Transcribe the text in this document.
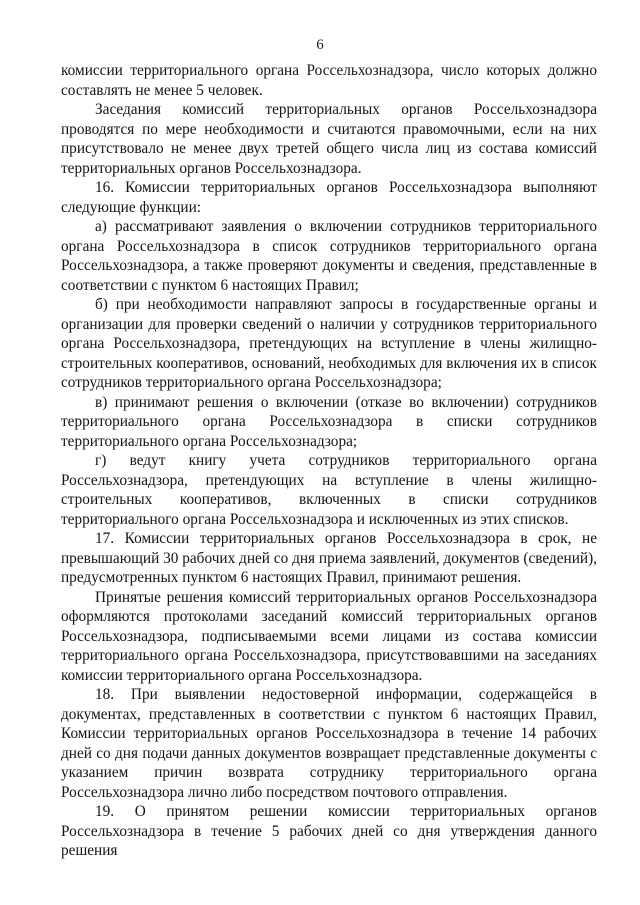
6

комиссии территориального органа Россельхознадзора, число которых должно составлять не менее 5 человек.

Заседания комиссий территориальных органов Россельхознадзора проводятся по мере необходимости и считаются правомочными, если на них присутствовало не менее двух третей общего числа лиц из состава комиссий территориальных органов Россельхознадзора.

16. Комиссии территориальных органов Россельхознадзора выполняют следующие функции:

а) рассматривают заявления о включении сотрудников территориального органа Россельхознадзора в список сотрудников территориального органа Россельхознадзора, а также проверяют документы и сведения, представленные в соответствии с пунктом 6 настоящих Правил;

б) при необходимости направляют запросы в государственные органы и организации для проверки сведений о наличии у сотрудников территориального органа Россельхознадзора, претендующих на вступление в члены жилищно-строительных кооперативов, оснований, необходимых для включения их в список сотрудников территориального органа Россельхознадзора;

в) принимают решения о включении (отказе во включении) сотрудников территориального органа Россельхознадзора в списки сотрудников территориального органа Россельхознадзора;

г) ведут книгу учета сотрудников территориального органа Россельхознадзора, претендующих на вступление в члены жилищно-строительных кооперативов, включенных в списки сотрудников территориального органа Россельхознадзора и исключенных из этих списков.

17. Комиссии территориальных органов Россельхознадзора в срок, не превышающий 30 рабочих дней со дня приема заявлений, документов (сведений), предусмотренных пунктом 6 настоящих Правил, принимают решения.

Принятые решения комиссий территориальных органов Россельхознадзора оформляются протоколами заседаний комиссий территориальных органов Россельхознадзора, подписываемыми всеми лицами из состава комиссии территориального органа Россельхознадзора, присутствовавшими на заседаниях комиссии территориального органа Россельхознадзора.

18. При выявлении недостоверной информации, содержащейся в документах, представленных в соответствии с пунктом 6 настоящих Правил, Комиссии территориальных органов Россельхознадзора в течение 14 рабочих дней со дня подачи данных документов возвращает представленные документы с указанием причин возврата сотруднику территориального органа Россельхознадзора лично либо посредством почтового отправления.

19. О принятом решении комиссии территориальных органов Россельхознадзора в течение 5 рабочих дней со дня утверждения данного решения
